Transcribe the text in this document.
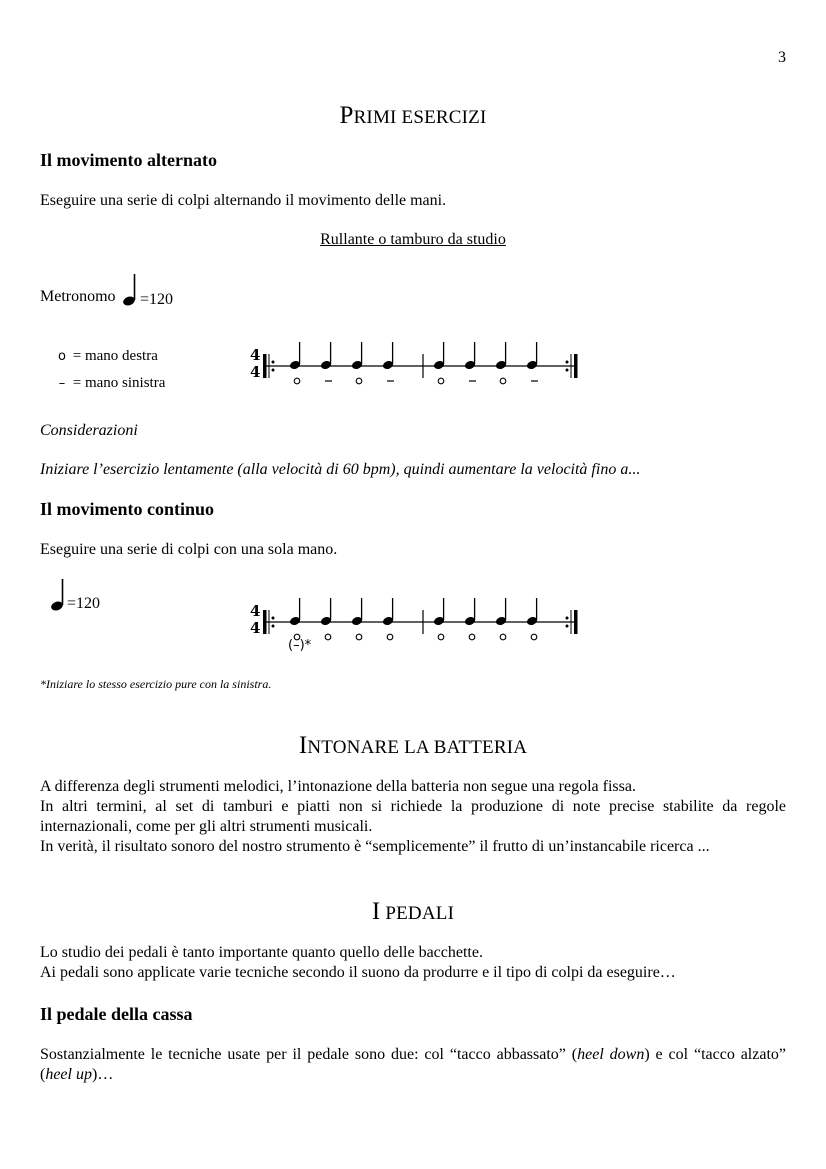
3
PRIMI ESERCIZI
Il movimento alternato
Eseguire una serie di colpi alternando il movimento delle mani.
Rullante o tamburo da studio
Metronomo =120
o = mano destra
– = mano sinistra
4
4
Considerazioni
Iniziare l’esercizio lentamente (alla velocità di 60 bpm), quindi aumentare la velocità fino a...
Il movimento continuo
Eseguire una serie di colpi con una sola mano.
=120	4
4
(–)*
*Iniziare lo stesso esercizio pure con la sinistra.
INTONARE LA BATTERIA
A differenza degli strumenti melodici, l’intonazione della batteria non segue una regola fissa.
In altri termini, al set di tamburi e piatti non si richiede la produzione di note precise stabilite da regole internazionali, come per gli altri strumenti musicali.
In verità, il risultato sonoro del nostro strumento è “semplicemente” il frutto di un’instancabile ricerca ...
I PEDALI
Lo studio dei pedali è tanto importante quanto quello delle bacchette.
Ai pedali sono applicate varie tecniche secondo il suono da produrre e il tipo di colpi da eseguire…
Il pedale della cassa
Sostanzialmente le tecniche usate per il pedale sono due: col “tacco abbassato” (heel down) e col “tacco alzato” (heel up)…
